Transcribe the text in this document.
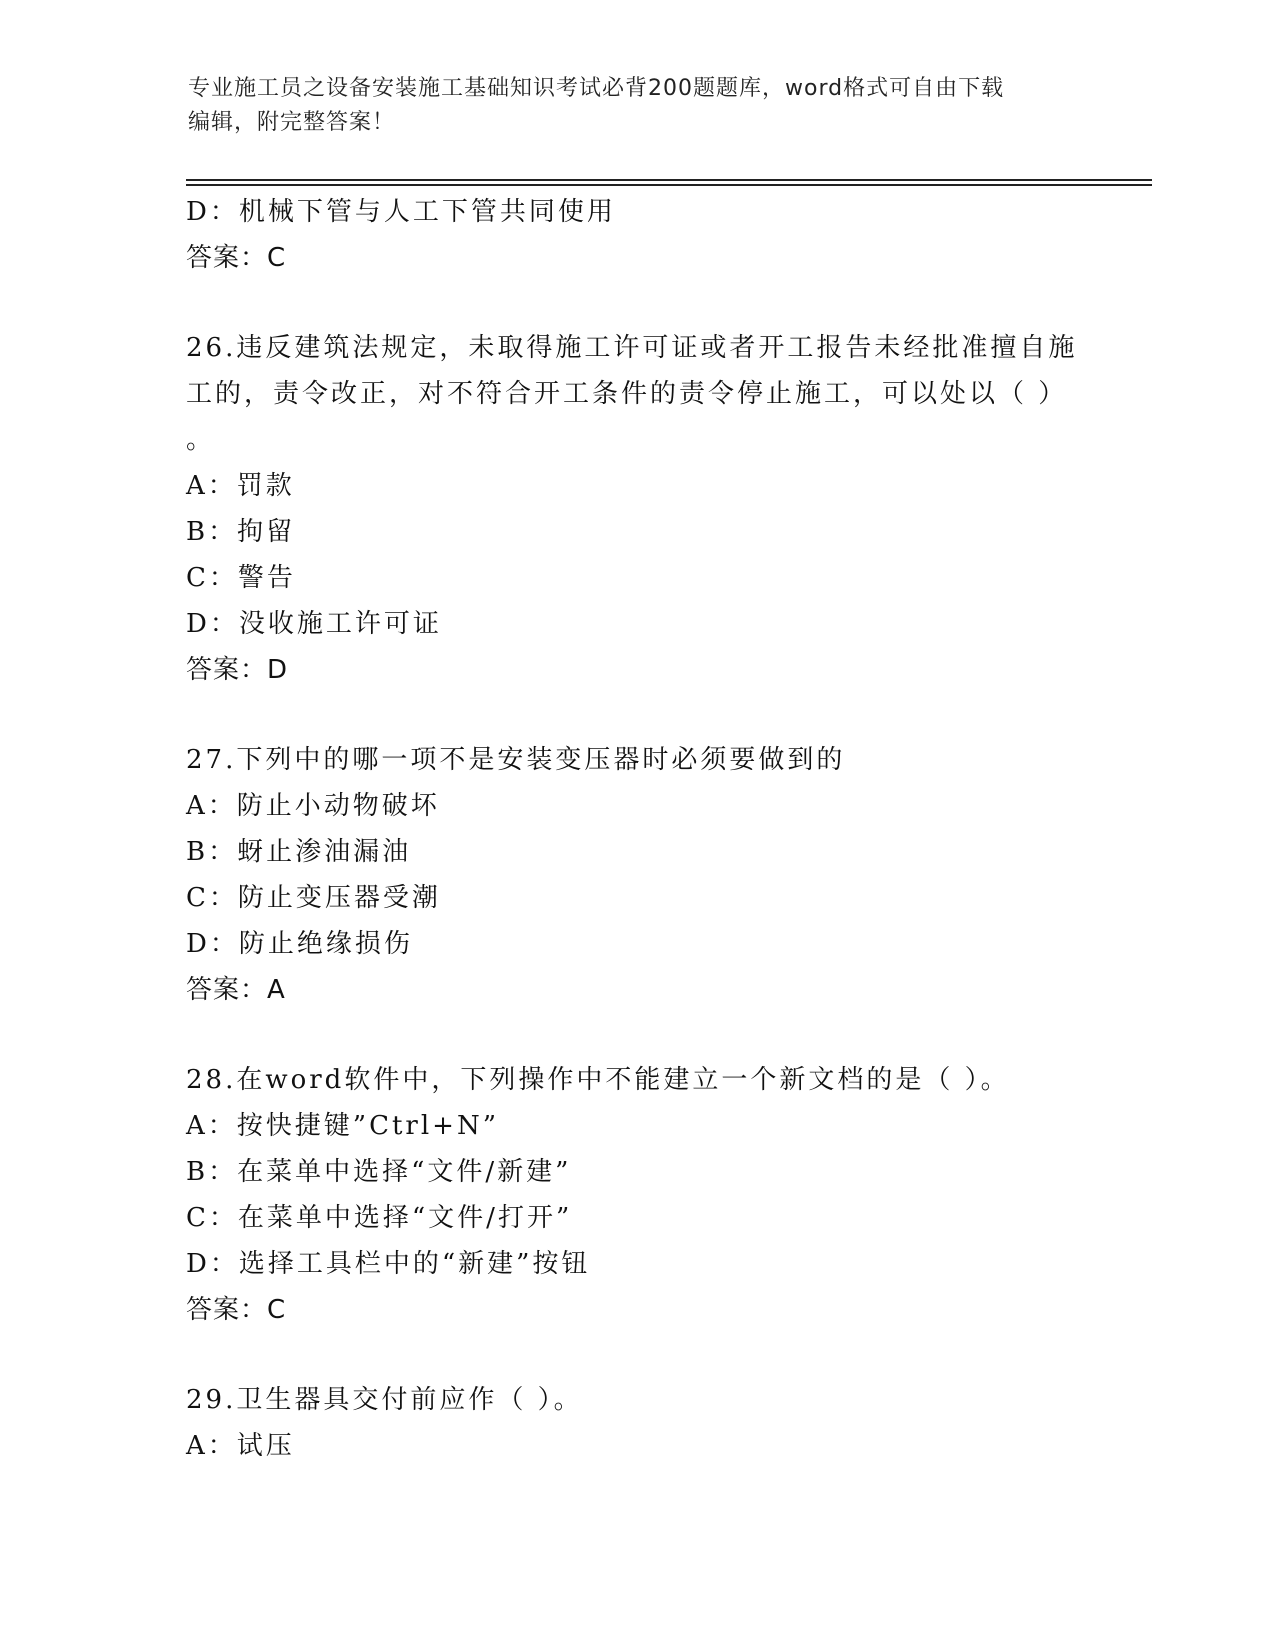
专业施工员之设备安装施工基础知识考试必背200题题库，word格式可自由下载
编辑，附完整答案！
D：机械下管与人工下管共同使用
答案：C
26.违反建筑法规定，未取得施工许可证或者开工报告未经批准擅自施
工的，责令改正，对不符合开工条件的责令停止施工，可以处以（ ）
。
A：罚款
B：拘留
C：警告
D：没收施工许可证
答案：D
27.下列中的哪一项不是安装变压器时必须要做到的
A：防止小动物破坏
B：蚜止渗油漏油
C：防止变压器受潮
D：防止绝缘损伤
答案：A
28.在word软件中，下列操作中不能建立一个新文档的是（ ）。
A：按快捷键”Ctrl+N”
B：在菜单中选择“文件/新建”
C：在菜单中选择“文件/打开”
D：选择工具栏中的“新建”按钮
答案：C
29.卫生器具交付前应作（ ）。
A：试压
